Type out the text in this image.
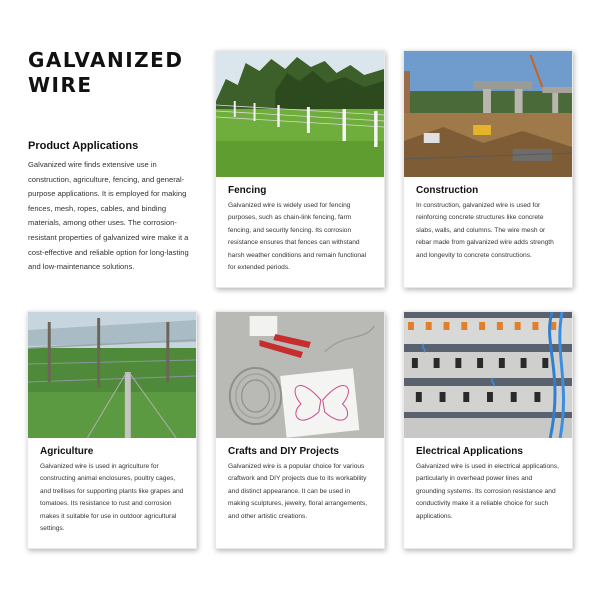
GALVANIZED
WIRE
Product Applications

Galvanized wire finds extensive use in construction, agriculture, fencing, and general-purpose applications. It is employed for making fences, mesh, ropes, cables, and binding materials, among other uses. The corrosion-resistant properties of galvanized wire make it a cost-effective and reliable option for long-lasting and low-maintenance solutions.

Fencing

Galvanized wire is widely used for fencing purposes, such as chain-link fencing, farm fencing, and security fencing. Its corrosion resistance ensures that fences can withstand harsh weather conditions and remain functional for extended periods.

Construction

In construction, galvanized wire is used for reinforcing concrete structures like concrete slabs, walls, and columns. The wire mesh or rebar made from galvanized wire adds strength and longevity to concrete constructions.

Agriculture

Galvanized wire is used in agriculture for constructing animal enclosures, poultry cages, and trellises for supporting plants like grapes and tomatoes. Its resistance to rust and corrosion makes it suitable for use in outdoor agricultural settings.

Crafts and DIY Projects

Galvanized wire is a popular choice for various craftwork and DIY projects due to its workability and distinct appearance. It can be used in making sculptures, jewelry, floral arrangements, and other artistic creations.

Electrical Applications

Galvanized wire is used in electrical applications, particularly in overhead power lines and grounding systems. Its corrosion resistance and conductivity make it a reliable choice for such applications.
